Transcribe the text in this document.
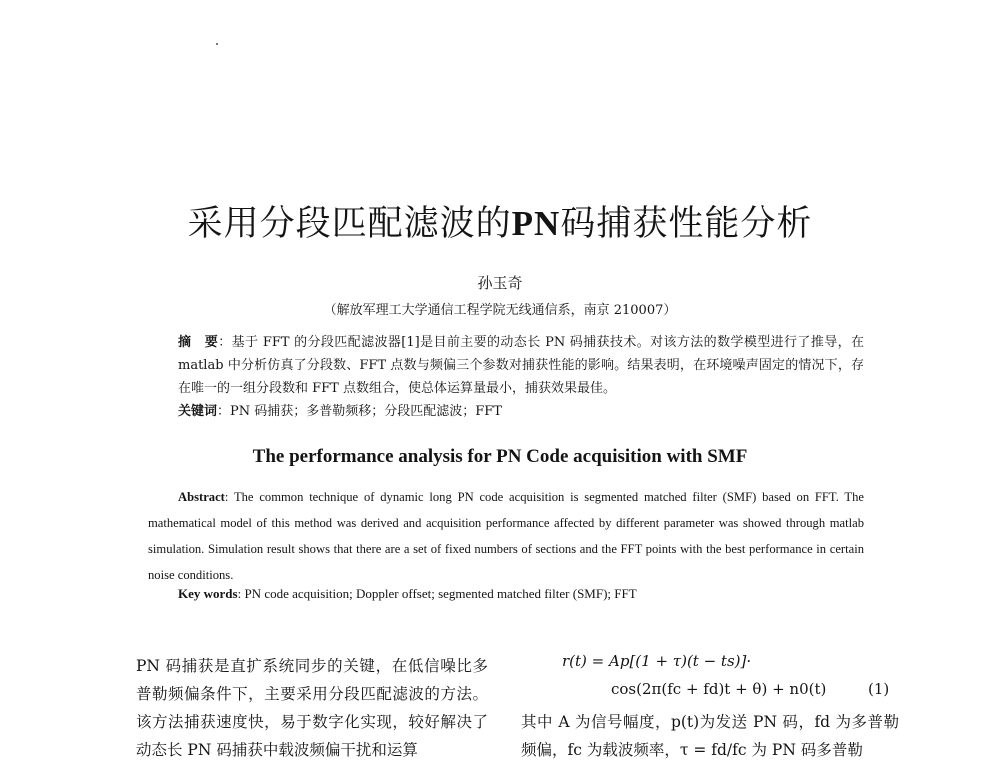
采用分段匹配滤波的PN码捕获性能分析
孙玉奇
（解放军理工大学通信工程学院无线通信系，南京 210007）
摘　要：基于 FFT 的分段匹配滤波器[1]是目前主要的动态长 PN 码捕获技术。对该方法的数学模型进行了推导，在 matlab 中分析仿真了分段数、FFT 点数与频偏三个参数对捕获性能的影响。结果表明，在环境噪声固定的情况下，存在唯一的一组分段数和 FFT 点数组合，使总体运算量最小，捕获效果最佳。
关键词：PN 码捕获；多普勒频移；分段匹配滤波；FFT
The performance analysis for PN Code acquisition with SMF
Abstract: The common technique of dynamic long PN code acquisition is segmented matched filter (SMF) based on FFT. The mathematical model of this method was derived and acquisition performance affected by different parameter was showed through matlab simulation. Simulation result shows that there are a set of fixed numbers of sections and the FFT points with the best performance in certain noise conditions.
Key words: PN code acquisition; Doppler offset; segmented matched filter (SMF); FFT
PN 码捕获是直扩系统同步的关键，在低信噪比多普勒频偏条件下，主要采用分段匹配滤波的方法。该方法捕获速度快，易于数字化实现，较好解决了动态长 PN 码捕获中载波频偏干扰和运算
r(t) = Ap[(1 + τ)(t − ts)]·
cos(2π(fc + fd)t + θ) + n0(t)	(1)
其中 A 为信号幅度，p(t)为发送 PN 码，fd 为多普勒频偏，fc 为载波频率，τ = fd/fc 为 PN 码多普勒
